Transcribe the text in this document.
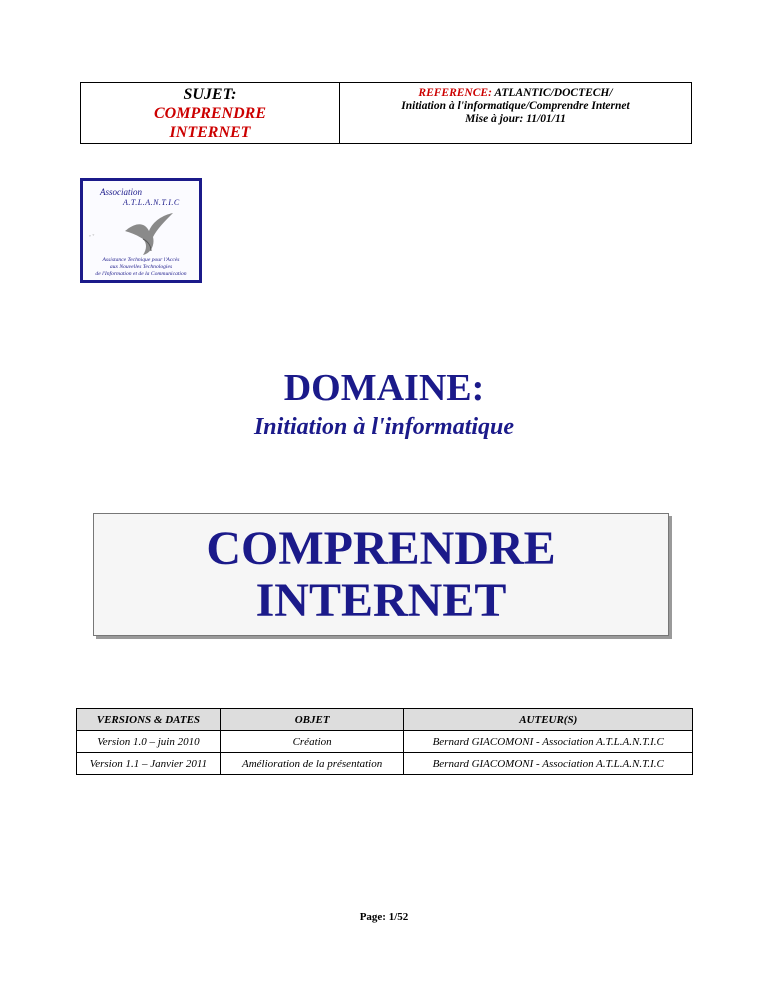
SUJET:
COMPRENDRE
INTERNET
REFERENCE: ATLANTIC/DOCTECH/
Initiation à l'informatique/Comprendre Internet
Mise à jour: 11/01/11
Association
A.T.L.A.N.T.I.C
◦ ◦
Assistance Technique pour l'Accès
aux Nouvelles Technologies
de l'Information et de la Communication
DOMAINE:
Initiation à l'informatique
COMPRENDRE
INTERNET
VERSIONS & DATES	OBJET	AUTEUR(S)
Version 1.0 – juin 2010	Création	Bernard GIACOMONI - Association A.T.L.A.N.T.I.C
Version 1.1 – Janvier 2011	Amélioration de la présentation	Bernard GIACOMONI - Association A.T.L.A.N.T.I.C
Page: 1/52
